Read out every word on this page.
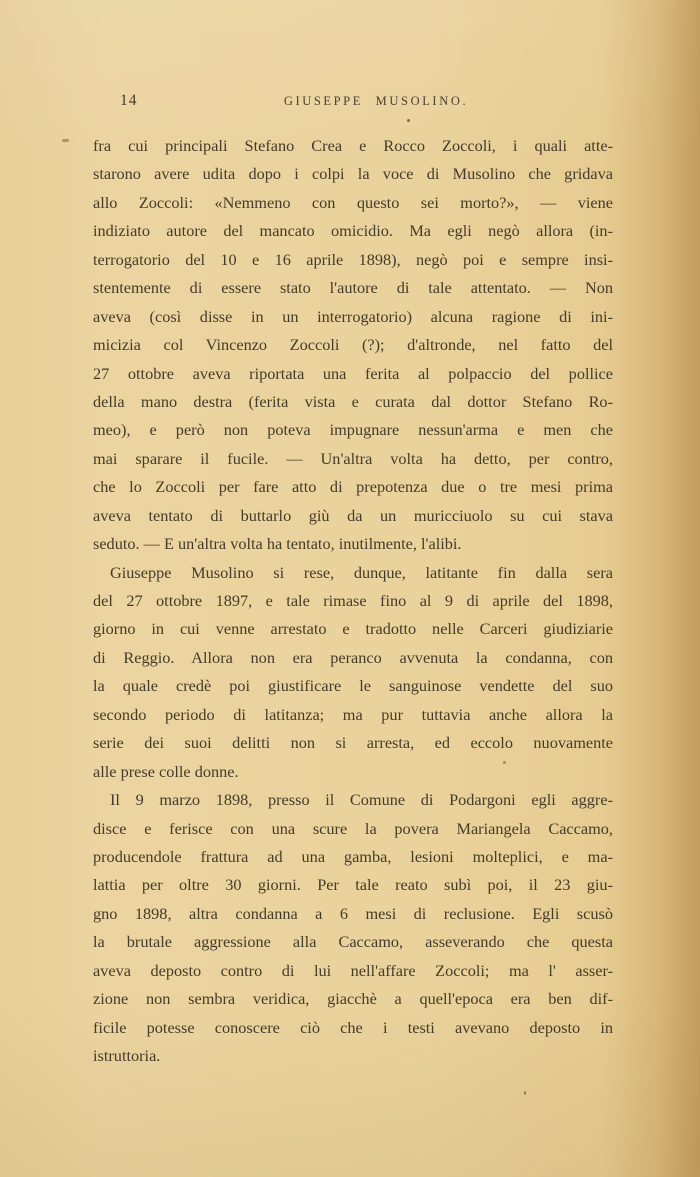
14	GIUSEPPE MUSOLINO.
fra cui principali Stefano Crea e Rocco Zoccoli, i quali atte-
starono avere udita dopo i colpi la voce di Musolino che gridava
allo Zoccoli: «Nemmeno con questo sei morto?», — viene
indiziato autore del mancato omicidio. Ma egli negò allora (in-
terrogatorio del 10 e 16 aprile 1898), negò poi e sempre insi-
stentemente di essere stato l'autore di tale attentato. — Non
aveva (così disse in un interrogatorio) alcuna ragione di ini-
micizia col Vincenzo Zoccoli (?); d'altronde, nel fatto del
27 ottobre aveva riportata una ferita al polpaccio del pollice
della mano destra (ferita vista e curata dal dottor Stefano Ro-
meo), e però non poteva impugnare nessun'arma e men che
mai sparare il fucile. — Un'altra volta ha detto, per contro,
che lo Zoccoli per fare atto di prepotenza due o tre mesi prima
aveva tentato di buttarlo giù da un muricciuolo su cui stava
seduto. — E un'altra volta ha tentato, inutilmente, l'alibi.
Giuseppe Musolino si rese, dunque, latitante fin dalla sera
del 27 ottobre 1897, e tale rimase fino al 9 di aprile del 1898,
giorno in cui venne arrestato e tradotto nelle Carceri giudiziarie
di Reggio. Allora non era peranco avvenuta la condanna, con
la quale credè poi giustificare le sanguinose vendette del suo
secondo periodo di latitanza; ma pur tuttavia anche allora la
serie dei suoi delitti non si arresta, ed eccolo nuovamente
alle prese colle donne.
Il 9 marzo 1898, presso il Comune di Podargoni egli aggre-
disce e ferisce con una scure la povera Mariangela Caccamo,
producendole frattura ad una gamba, lesioni molteplici, e ma-
lattia per oltre 30 giorni. Per tale reato subì poi, il 23 giu-
gno 1898, altra condanna a 6 mesi di reclusione. Egli scusò
la brutale aggressione alla Caccamo, asseverando che questa
aveva deposto contro di lui nell'affare Zoccoli; ma l' asser-
zione non sembra veridica, giacchè a quell'epoca era ben dif-
ficile potesse conoscere ciò che i testi avevano deposto in
istruttoria.
